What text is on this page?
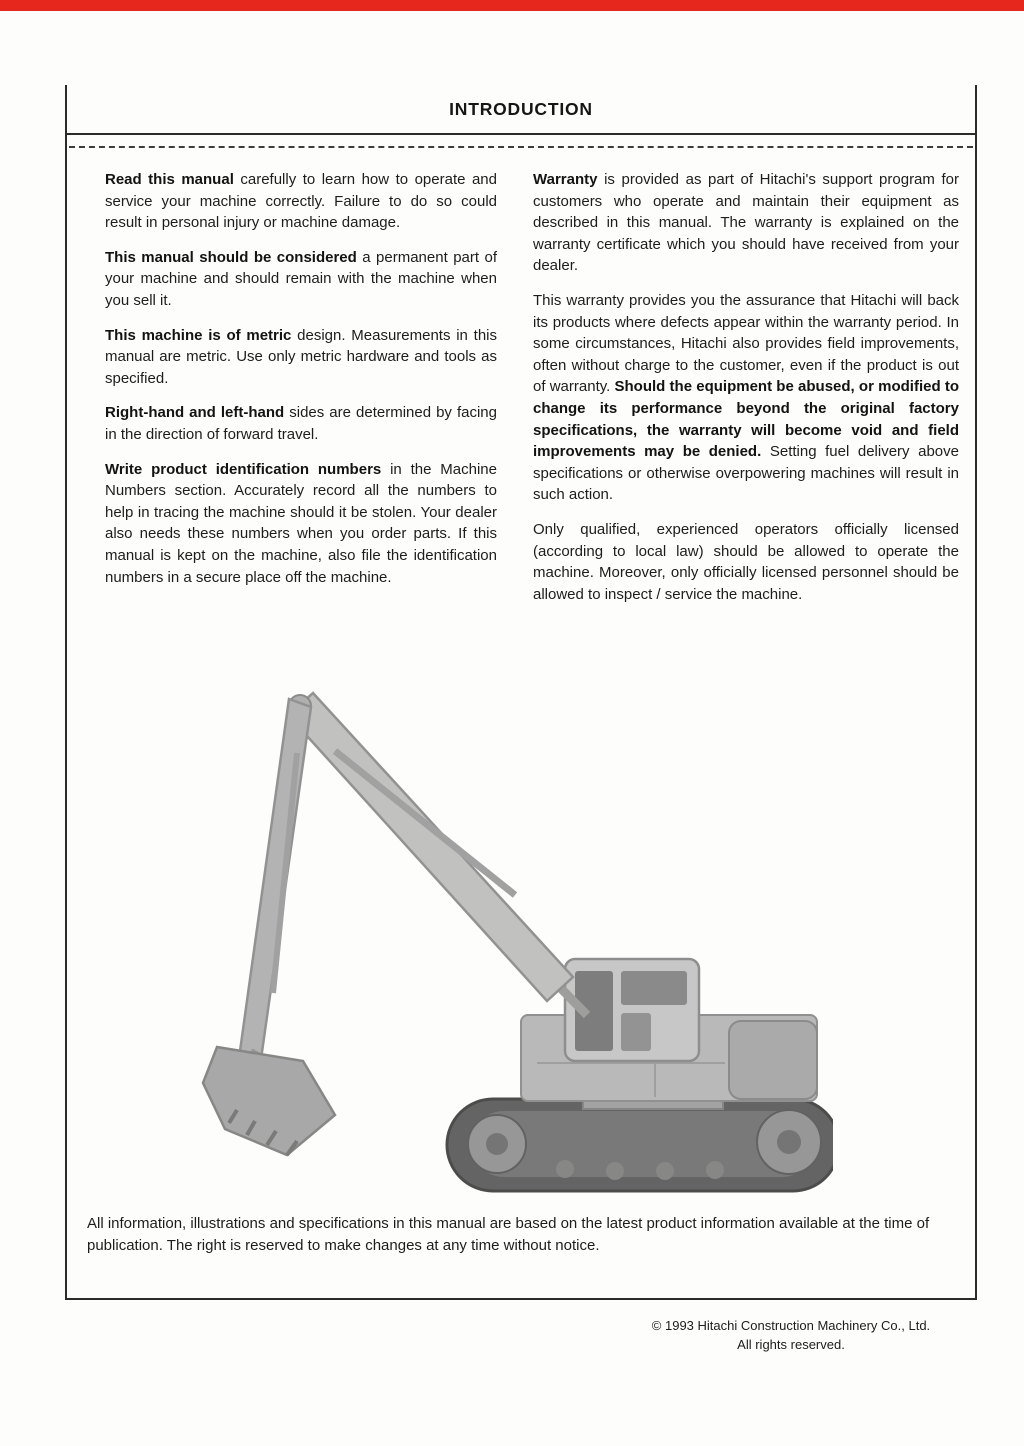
INTRODUCTION

Read this manual carefully to learn how to operate and service your machine correctly. Failure to do so could result in personal injury or machine damage.

This manual should be considered a permanent part of your machine and should remain with the machine when you sell it.

This machine is of metric design. Measurements in this manual are metric. Use only metric hardware and tools as specified.

Right-hand and left-hand sides are determined by facing in the direction of forward travel.

Write product identification numbers in the Machine Numbers section. Accurately record all the numbers to help in tracing the machine should it be stolen. Your dealer also needs these numbers when you order parts. If this manual is kept on the machine, also file the identification numbers in a secure place off the machine.

Warranty is provided as part of Hitachi's support program for customers who operate and maintain their equipment as described in this manual. The warranty is explained on the warranty certificate which you should have received from your dealer.

This warranty provides you the assurance that Hitachi will back its products where defects appear within the warranty period. In some circumstances, Hitachi also provides field improvements, often without charge to the customer, even if the product is out of warranty. Should the equipment be abused, or modified to change its performance beyond the original factory specifications, the warranty will become void and field improvements may be denied. Setting fuel delivery above specifications or otherwise overpowering machines will result in such action.

Only qualified, experienced operators officially licensed (according to local law) should be allowed to operate the machine. Moreover, only officially licensed personnel should be allowed to inspect / service the machine.

All information, illustrations and specifications in this manual are based on the latest product information available at the time of publication. The right is reserved to make changes at any time without notice.

© 1993 Hitachi Construction Machinery Co., Ltd.
All rights reserved.
